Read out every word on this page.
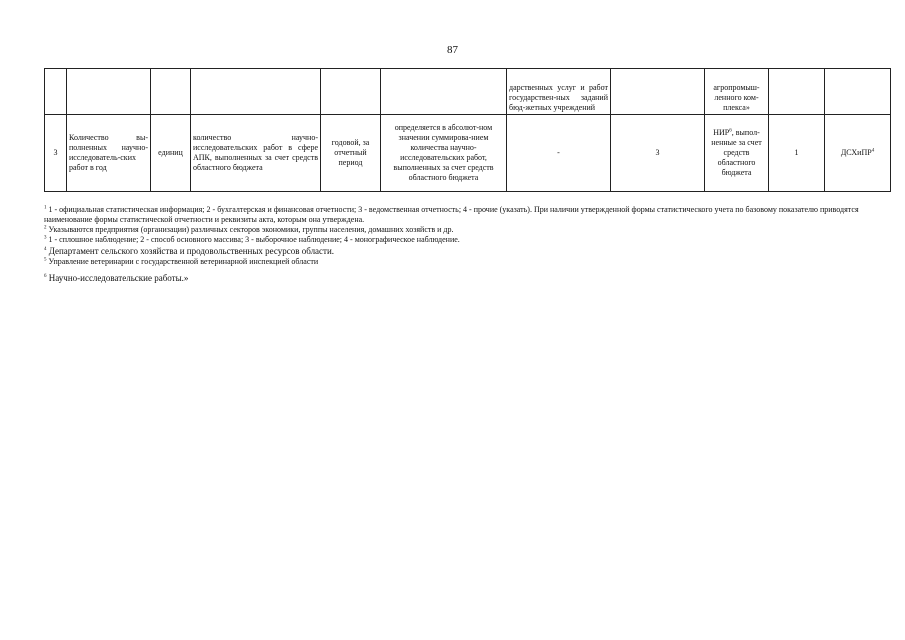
87
						дарственных услуг и работ государствен-ных заданий бюд-жетных учреждений		агропромыш-ленного ком-плекса»		
3	Количество вы-полненных научно-исследователь-ских работ в год	единиц	количество научно-исследовательских работ в сфере АПК, выполненных за счет средств областного бюджета	годовой, за отчетный период	определяется в абсолют-ном значении суммирова-нием количества научно-исследовательских работ, выполненных за счет средств областного бюджета	-	3	НИР$^6$, выпол-ненные за счет средств областного бюджета	1	ДСХиПР$^4$

$^1$ 1 - официальная статистическая информация; 2 - бухгалтерская и финансовая отчетности; 3 - ведомственная отчетность; 4 - прочие (указать). При наличии утвержденной формы статистического учета по базовому показателю приводятся наименование формы статистической отчетности и реквизиты акта, которым она утверждена.

$^2$ Указываются предприятия (организации) различных секторов экономики, группы населения, домашних хозяйств и др.

$^3$ 1 - сплошное наблюдение; 2 - способ основного массива; 3 - выборочное наблюдение; 4 - монографическое наблюдение.

$^4$ Департамент сельского хозяйства и продовольственных ресурсов области.

$^5$ Управление ветеринарии с государственной ветеринарной инспекцией области

$^6$ Научно-исследовательские работы.»
